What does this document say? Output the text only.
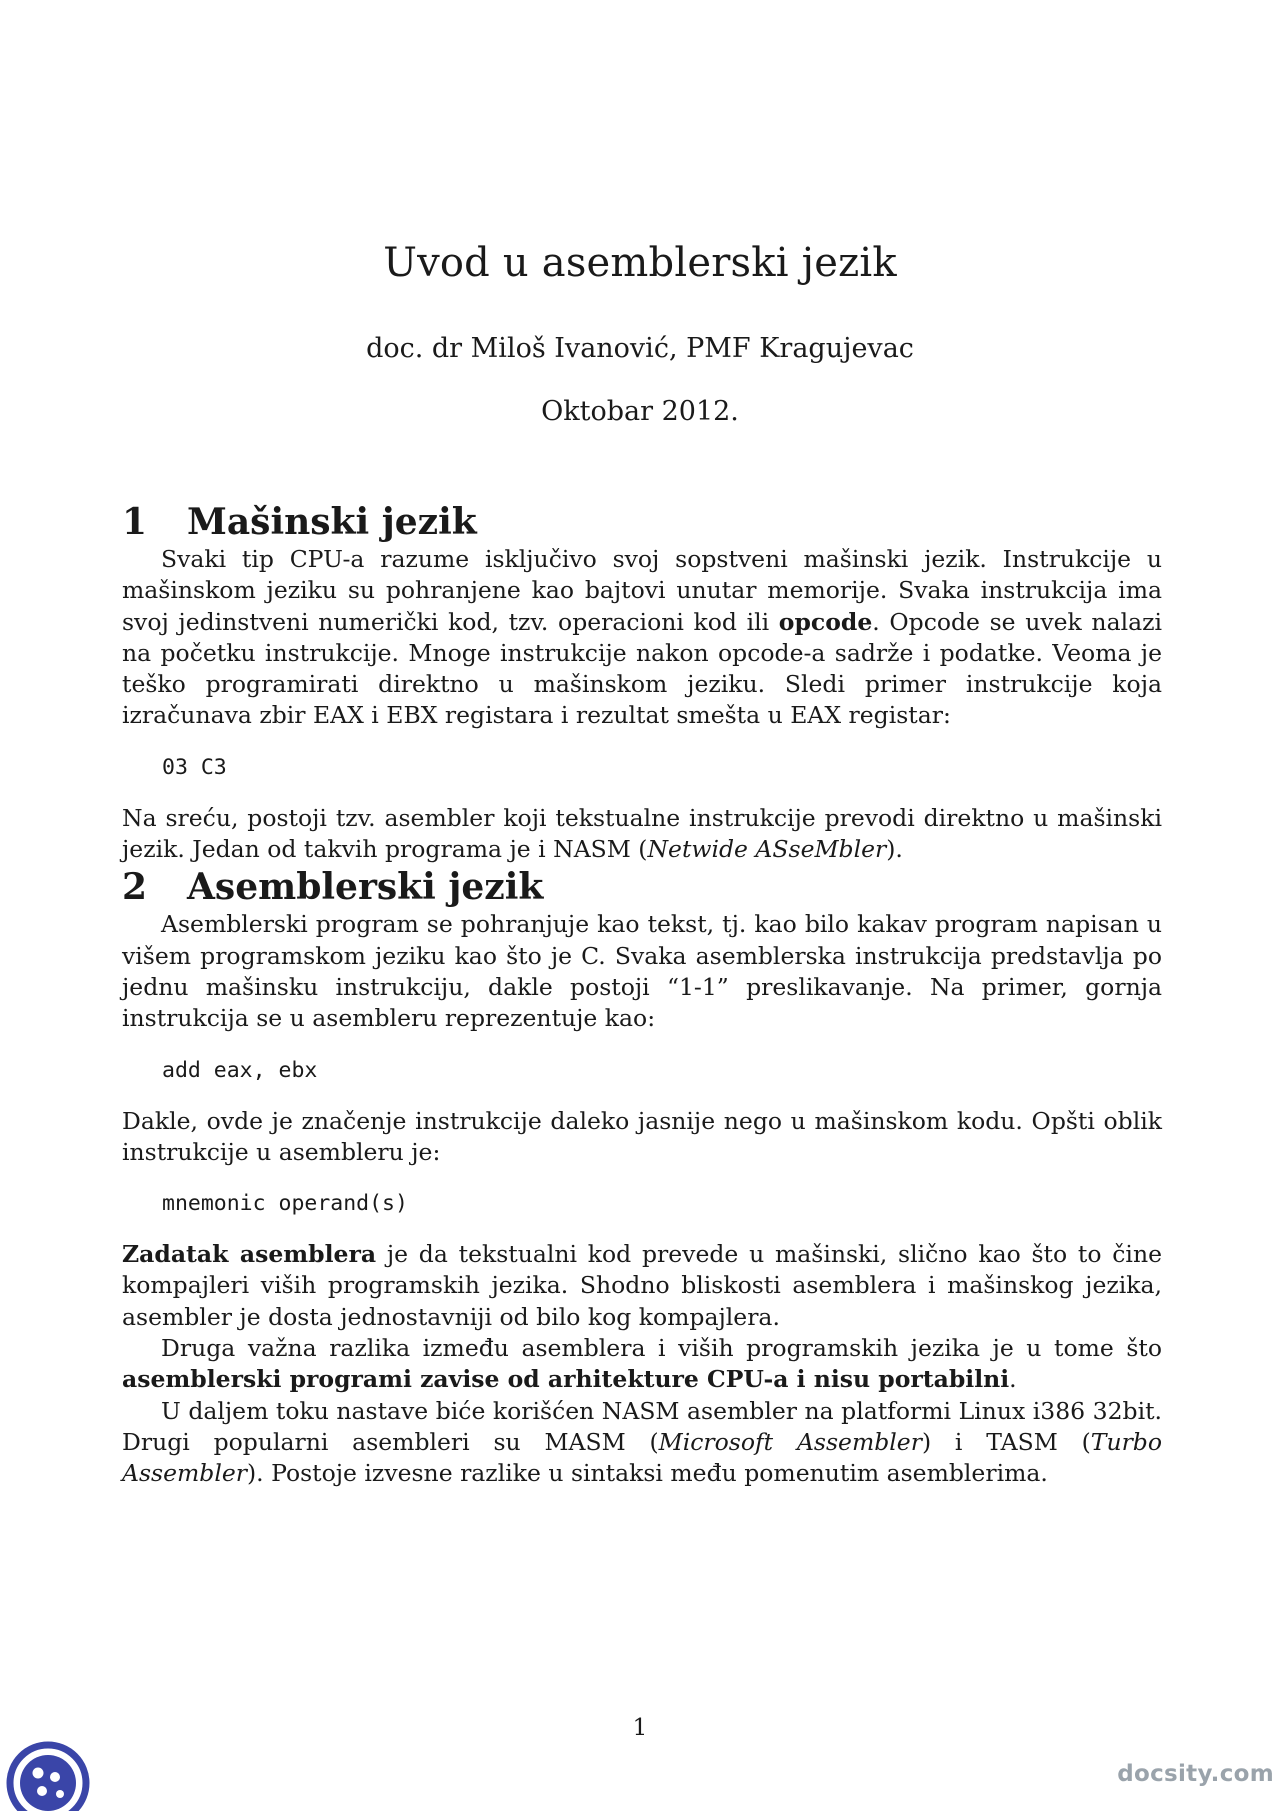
Uvod u asemblerski jezik
doc. dr Miloš Ivanović, PMF Kragujevac
Oktobar 2012.
1	Mašinski jezik

Svaki tip CPU-a razume isključivo svoj sopstveni mašinski jezik. Instrukcije u mašinskom jeziku su pohranjene kao bajtovi unutar memorije. Svaka instrukcija ima svoj jedinstveni numerički kod, tzv. operacioni kod ili opcode. Opcode se uvek nalazi na početku instrukcije. Mnoge instrukcije nakon opcode-a sadrže i podatke. Veoma je teško programirati direktno u mašinskom jeziku. Sledi primer instrukcije koja izračunava zbir EAX i EBX registara i rezultat smešta u EAX registar:

03 C3

Na sreću, postoji tzv. asembler koji tekstualne instrukcije prevodi direktno u mašinski jezik. Jedan od takvih programa je i NASM (Netwide ASseMbler).

2	Asemblerski jezik

Asemblerski program se pohranjuje kao tekst, tj. kao bilo kakav program napisan u višem programskom jeziku kao što je C. Svaka asemblerska instrukcija predstavlja po jednu mašinsku instrukciju, dakle postoji “1-1” preslikavanje. Na primer, gornja instrukcija se u asembleru reprezentuje kao:

add eax, ebx

Dakle, ovde je značenje instrukcije daleko jasnije nego u mašinskom kodu. Opšti oblik instrukcije u asembleru je:

mnemonic operand(s)

Zadatak asemblera je da tekstualni kod prevede u mašinski, slično kao što to čine kompajleri viših programskih jezika. Shodno bliskosti asemblera i mašinskog jezika, asembler je dosta jednostavniji od bilo kog kompajlera.

Druga važna razlika između asemblera i viših programskih jezika je u tome što asemblerski programi zavise od arhitekture CPU-a i nisu portabilni.

U daljem toku nastave biće korišćen NASM asembler na platformi Linux i386 32bit. Drugi popularni asembleri su MASM (Microsoft Assembler) i TASM (Turbo Assembler). Postoje izvesne razlike u sintaksi među pomenutim asemblerima.

1
docsity.com
